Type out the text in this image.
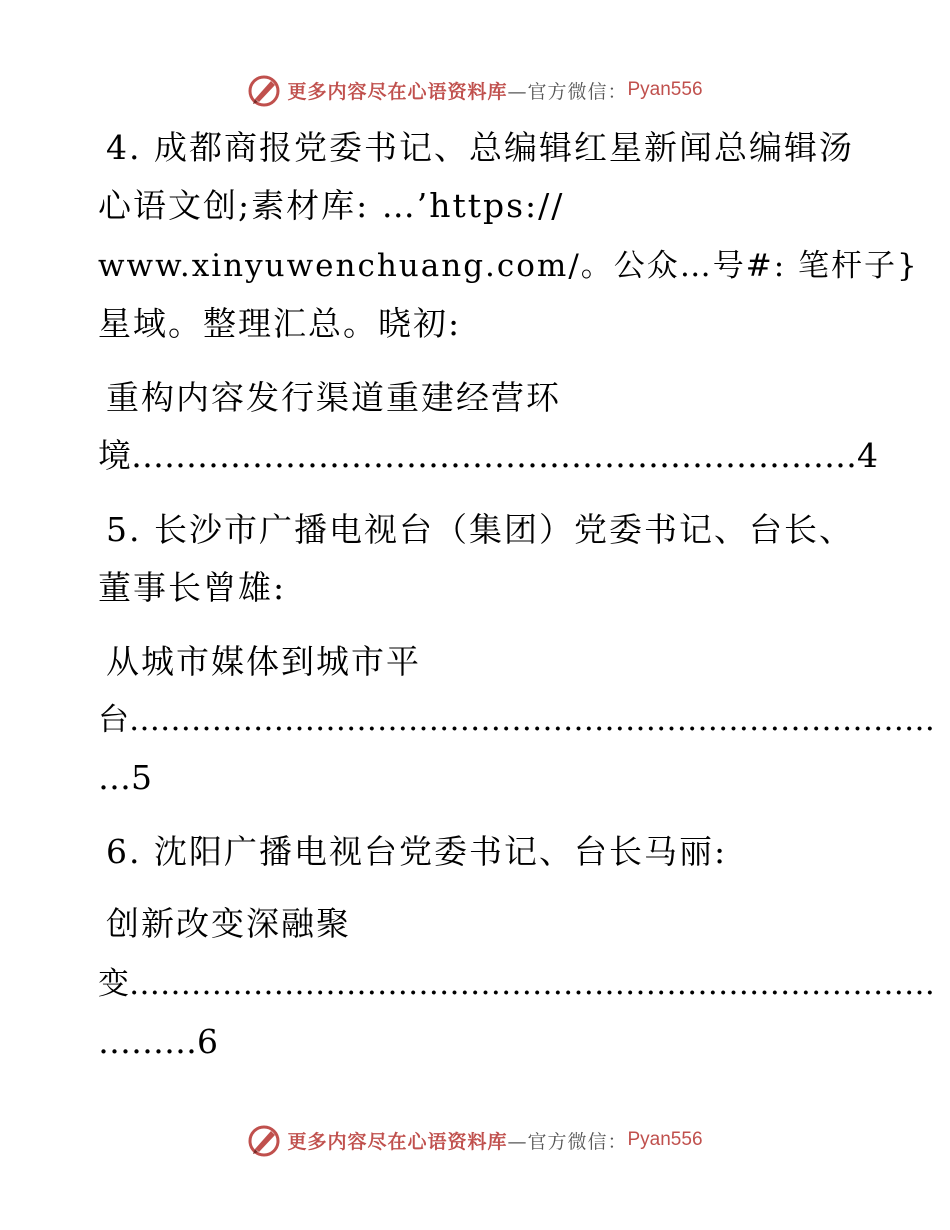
更多内容尽在心语资料库 —官方微信： Pyan556
4. 成都商报党委书记、总编辑红星新闻总编辑汤
心语文创;素材库: …’https://
www.xinyuwenchuang.com/。公众…号#: 笔杆子}
星域。整理汇总。晓初:
重构内容发行渠道重建经营环
境…………………………………………………………4
5. 长沙市广播电视台（集团）党委书记、台长、
董事长曾雄:
从城市媒体到城市平
台……………………………………………………………………
…5
6. 沈阳广播电视台党委书记、台长马丽:
创新改变深融聚
变……………………………………………………………………
………6
更多内容尽在心语资料库 —官方微信： Pyan556
